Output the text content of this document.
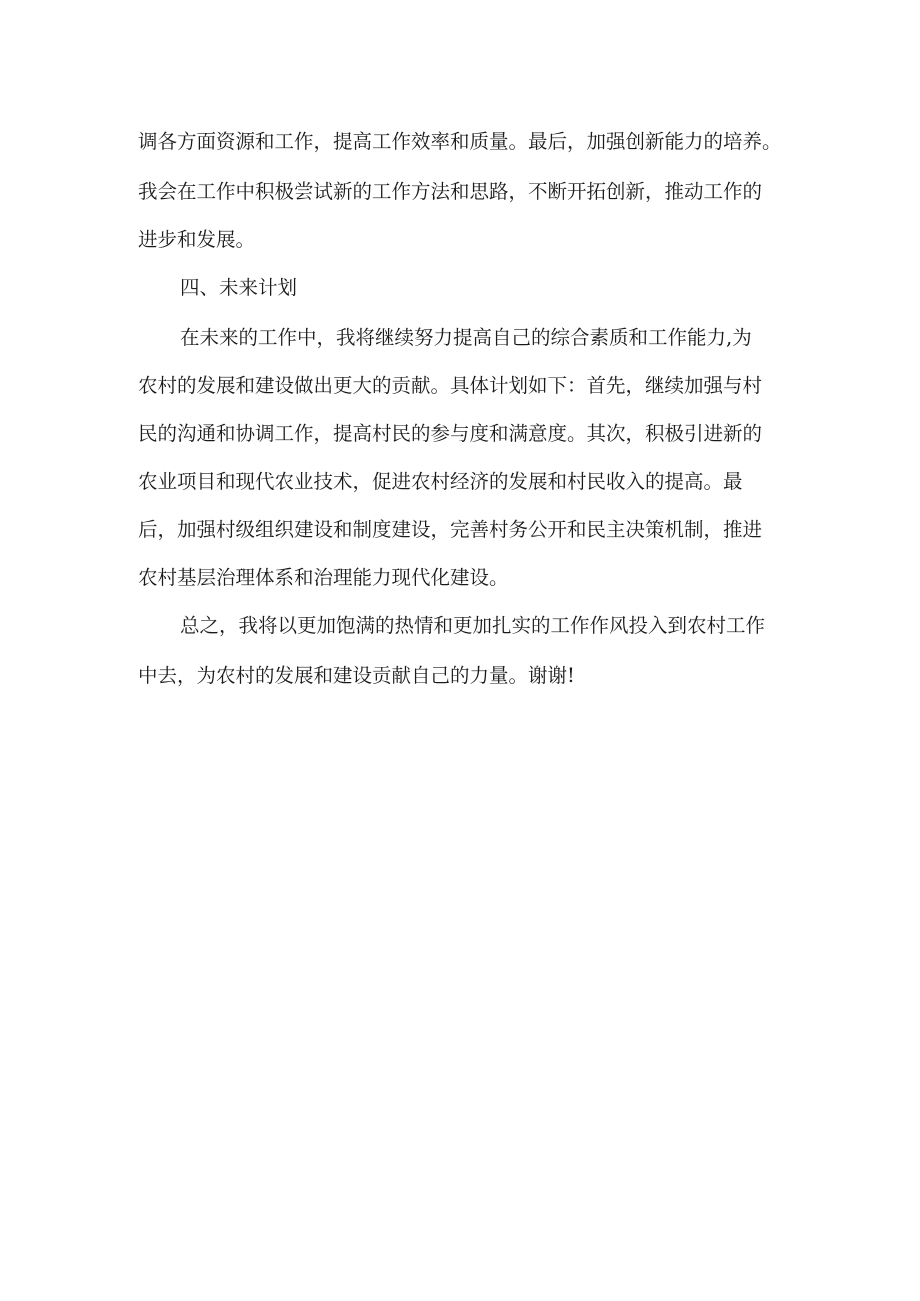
调各方面资源和工作，提高工作效率和质量。最后，加强创新能力的培养。

我会在工作中积极尝试新的工作方法和思路，不断开拓创新，推动工作的

进步和发展。

四、未来计划

在未来的工作中，我将继续努力提高自己的综合素质和工作能力,为

农村的发展和建设做出更大的贡献。具体计划如下：首先，继续加强与村

民的沟通和协调工作，提高村民的参与度和满意度。其次，积极引进新的

农业项目和现代农业技术，促进农村经济的发展和村民收入的提高。最

后，加强村级组织建设和制度建设，完善村务公开和民主决策机制，推进

农村基层治理体系和治理能力现代化建设。

总之，我将以更加饱满的热情和更加扎实的工作作风投入到农村工作

中去，为农村的发展和建设贡献自己的力量。谢谢!
